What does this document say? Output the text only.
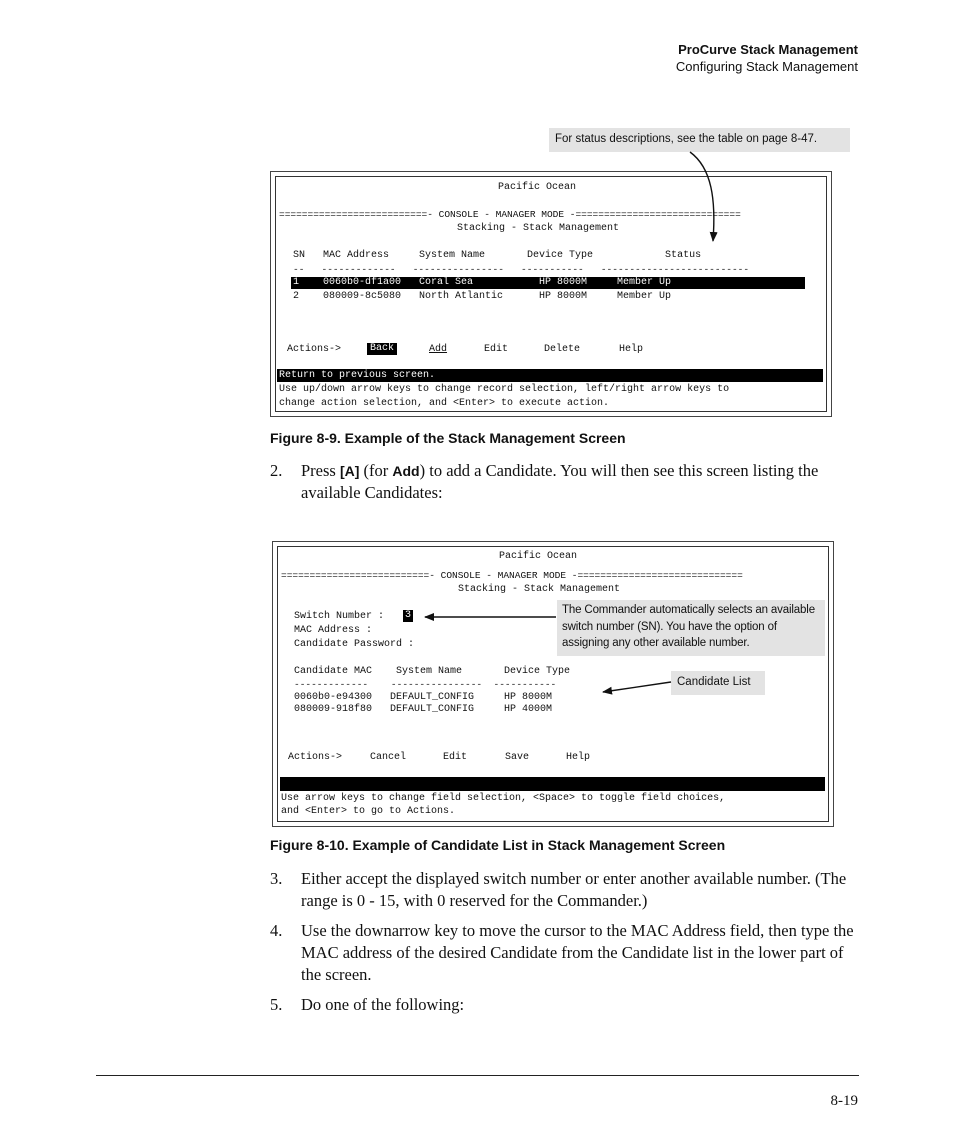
ProCurve Stack Management
Configuring Stack Management
For status descriptions, see the table on page 8-47.
Pacific Ocean
==========================- CONSOLE - MANAGER MODE -=============================
Stacking - Stack Management
SN   MAC Address     System Name       Device Type            Status
--   -------------   ----------------   -----------   --------------------------
1    0060b0-df1a00   Coral Sea           HP 8000M     Member Up
2    080009-8c5080   North Atlantic      HP 8000M     Member Up
Actions->	Back	Add	Edit	Delete	Help
Return to previous screen.
Use up/down arrow keys to change record selection, left/right arrow keys to
change action selection, and <Enter> to execute action.
Figure 8-9. Example of the Stack Management Screen
2. Press [A] (for Add) to add a Candidate. You will then see this screen listing the available Candidates:
Pacific Ocean
==========================- CONSOLE - MANAGER MODE -=============================
Stacking - Stack Management
Switch Number : 3
MAC Address :
Candidate Password :
Candidate MAC    System Name       Device Type
-------------    ----------------  -----------
0060b0-e94300   DEFAULT_CONFIG     HP 8000M
080009-918f80   DEFAULT_CONFIG     HP 4000M
Actions->	Cancel	Edit	Save	Help
Use arrow keys to change field selection, <Space> to toggle field choices,
and <Enter> to go to Actions.
The Commander automatically selects an available switch number (SN). You have the option of assigning any other available number.
Candidate List
Figure 8-10. Example of Candidate List in Stack Management Screen
3. Either accept the displayed switch number or enter another available number. (The range is 0 - 15, with 0 reserved for the Commander.)
4. Use the downarrow key to move the cursor to the MAC Address field, then type the MAC address of the desired Candidate from the Candidate list in the lower part of the screen.
5. Do one of the following:
8-19
